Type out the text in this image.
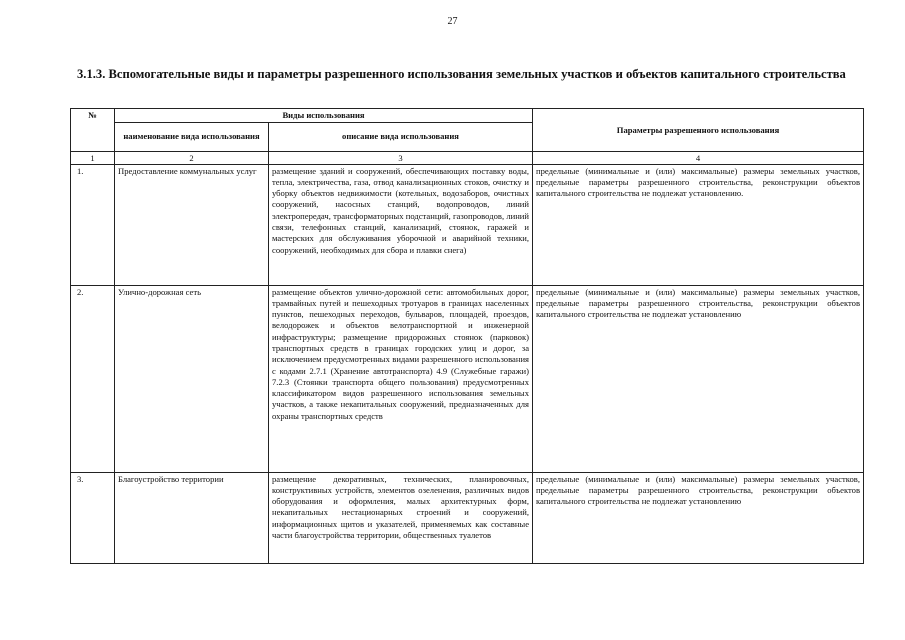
27
3.1.3. Вспомогательные виды и параметры разрешенного использования земельных участков и объектов капитального строительства
№	Виды использования		Параметры разрешенного использования
	наименование вида использования	описание вида использования	
1	2	3	4
1.	Предоставление коммунальных услуг	размещение зданий и сооружений, обеспечивающих поставку воды, тепла, электричества, газа, отвод канализационных стоков, очистку и уборку объектов недвижимости (котельных, водозаборов, очистных сооружений, насосных станций, водопроводов, линий электропередач, трансформаторных подстанций, газопроводов, линий связи, телефонных станций, канализаций, стоянок, гаражей и мастерских для обслуживания уборочной и аварийной техники, сооружений, необходимых для сбора и плавки снега)	предельные (минимальные и (или) максимальные) размеры земельных участков, предельные параметры разрешенного строительства, реконструкции объектов капитального строительства не подлежат установлению.
2.	Улично-дорожная сеть	размещение объектов улично-дорожной сети: автомобильных дорог, трамвайных путей и пешеходных тротуаров в границах населенных пунктов, пешеходных переходов, бульваров, площадей, проездов, велодорожек и объектов велотранспортной и инженерной инфраструктуры; размещение придорожных стоянок (парковок) транспортных средств в границах городских улиц и дорог, за исключением предусмотренных видами разрешенного использования с кодами 2.7.1 (Хранение автотранспорта) 4.9 (Служебные гаражи) 7.2.3 (Стоянки транспорта общего пользования) предусмотренных классификатором видов разрешенного использования земельных участков, а также некапитальных сооружений, предназначенных для охраны транспортных средств	предельные (минимальные и (или) максимальные) размеры земельных участков, предельные параметры разрешенного строительства, реконструкции объектов капитального строительства не подлежат установлению
3.	Благоустройство территории	размещение декоративных, технических, планировочных, конструктивных устройств, элементов озеленения, различных видов оборудования и оформления, малых архитектурных форм, некапитальных нестационарных строений и сооружений, информационных щитов и указателей, применяемых как составные части благоустройства территории, общественных туалетов	предельные (минимальные и (или) максимальные) размеры земельных участков, предельные параметры разрешенного строительства, реконструкции объектов капитального строительства не подлежат установлению
